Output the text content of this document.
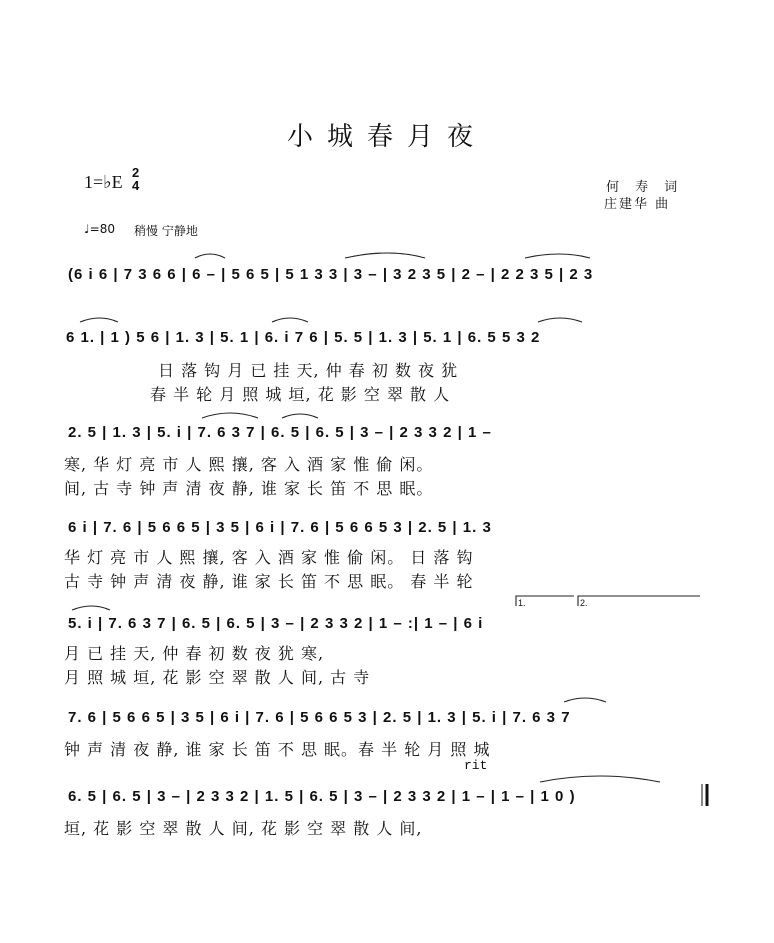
小城春月夜
1=♭E 2
4	何 寿 词
庄建华 曲
♩=80 稍慢 宁静地
(6 i 6 | 7 3 6 6 | 6 – | 5 6 5 | 5 1 3 3 | 3 – | 3 2 3 5 | 2 – | 2 2 3 5 | 2 3
6 1. | 1 ) 5 6 | 1. 3 | 5. 1 | 6. i 7 6 | 5. 5 | 1. 3 | 5. 1 | 6. 5 5 3 2
日 落 钩 月 已 挂 天, 仲 春 初 数 夜 犹
春 半 轮 月 照 城 垣, 花 影 空 翠 散 人
2. 5 | 1. 3 | 5. i | 7. 6 3 7 | 6. 5 | 6. 5 | 3 – | 2 3 3 2 | 1 –
寒, 华 灯 亮 市 人 熙 攘, 客 入 酒 家 惟 偷 闲。
间, 古 寺 钟 声 清 夜 静, 谁 家 长 笛 不 思 眠。
6 i | 7. 6 | 5 6 6 5 | 3 5 | 6 i | 7. 6 | 5 6 6 5 3 | 2. 5 | 1. 3
华 灯 亮 市 人 熙 攘, 客 入 酒 家 惟 偷 闲。 日 落 钩
古 寺 钟 声 清 夜 静, 谁 家 长 笛 不 思 眠。 春 半 轮
1.	2.
5. i | 7. 6 3 7 | 6. 5 | 6. 5 | 3 – | 2 3 3 2 | 1 – :| 1 – | 6 i
月 已 挂 天, 仲 春 初 数 夜 犹 寒,
月 照 城 垣, 花 影 空 翠 散 人 间, 古 寺
7. 6 | 5 6 6 5 | 3 5 | 6 i | 7. 6 | 5 6 6 5 3 | 2. 5 | 1. 3 | 5. i | 7. 6 3 7
钟 声 清 夜 静, 谁 家 长 笛 不 思 眠。春 半 轮 月 照 城
rit
6. 5 | 6. 5 | 3 – | 2 3 3 2 | 1. 5 | 6. 5 | 3 – | 2 3 3 2 | 1 – | 1 – | 1 0 )
垣, 花 影 空 翠 散 人 间, 花 影 空 翠 散 人 间,
